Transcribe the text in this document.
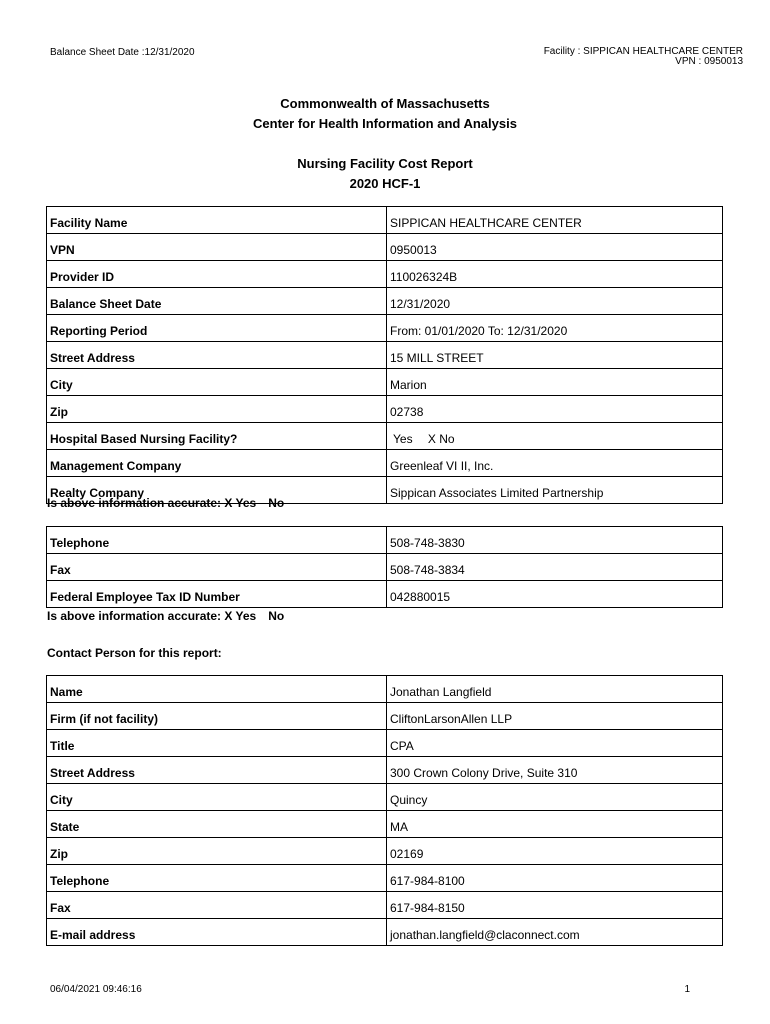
Balance Sheet Date :12/31/2020	Facility : SIPPICAN HEALTHCARE CENTER
VPN : 0950013
Commonwealth of Massachusetts
Center for Health Information and Analysis
Nursing Facility Cost Report
2020 HCF-1
Facility Name	SIPPICAN HEALTHCARE CENTER
VPN	0950013
Provider ID	110026324B
Balance Sheet Date	12/31/2020
Reporting Period	From: 01/01/2020 To: 12/31/2020
Street Address	15 MILL STREET
City	Marion
Zip	02738
Hospital Based Nursing Facility?	Yes X No
Management Company	Greenleaf VI II, Inc.
Realty Company	Sippican Associates Limited Partnership
Is above information accurate: X Yes No
Telephone	508-748-3830
Fax	508-748-3834
Federal Employee Tax ID Number	042880015
Is above information accurate: X Yes No
Contact Person for this report:
Name	Jonathan Langfield
Firm (if not facility)	CliftonLarsonAllen LLP
Title	CPA
Street Address	300 Crown Colony Drive, Suite 310
City	Quincy
State	MA
Zip	02169
Telephone	617-984-8100
Fax	617-984-8150
E-mail address	jonathan.langfield@claconnect.com
06/04/2021 09:46:16	1
